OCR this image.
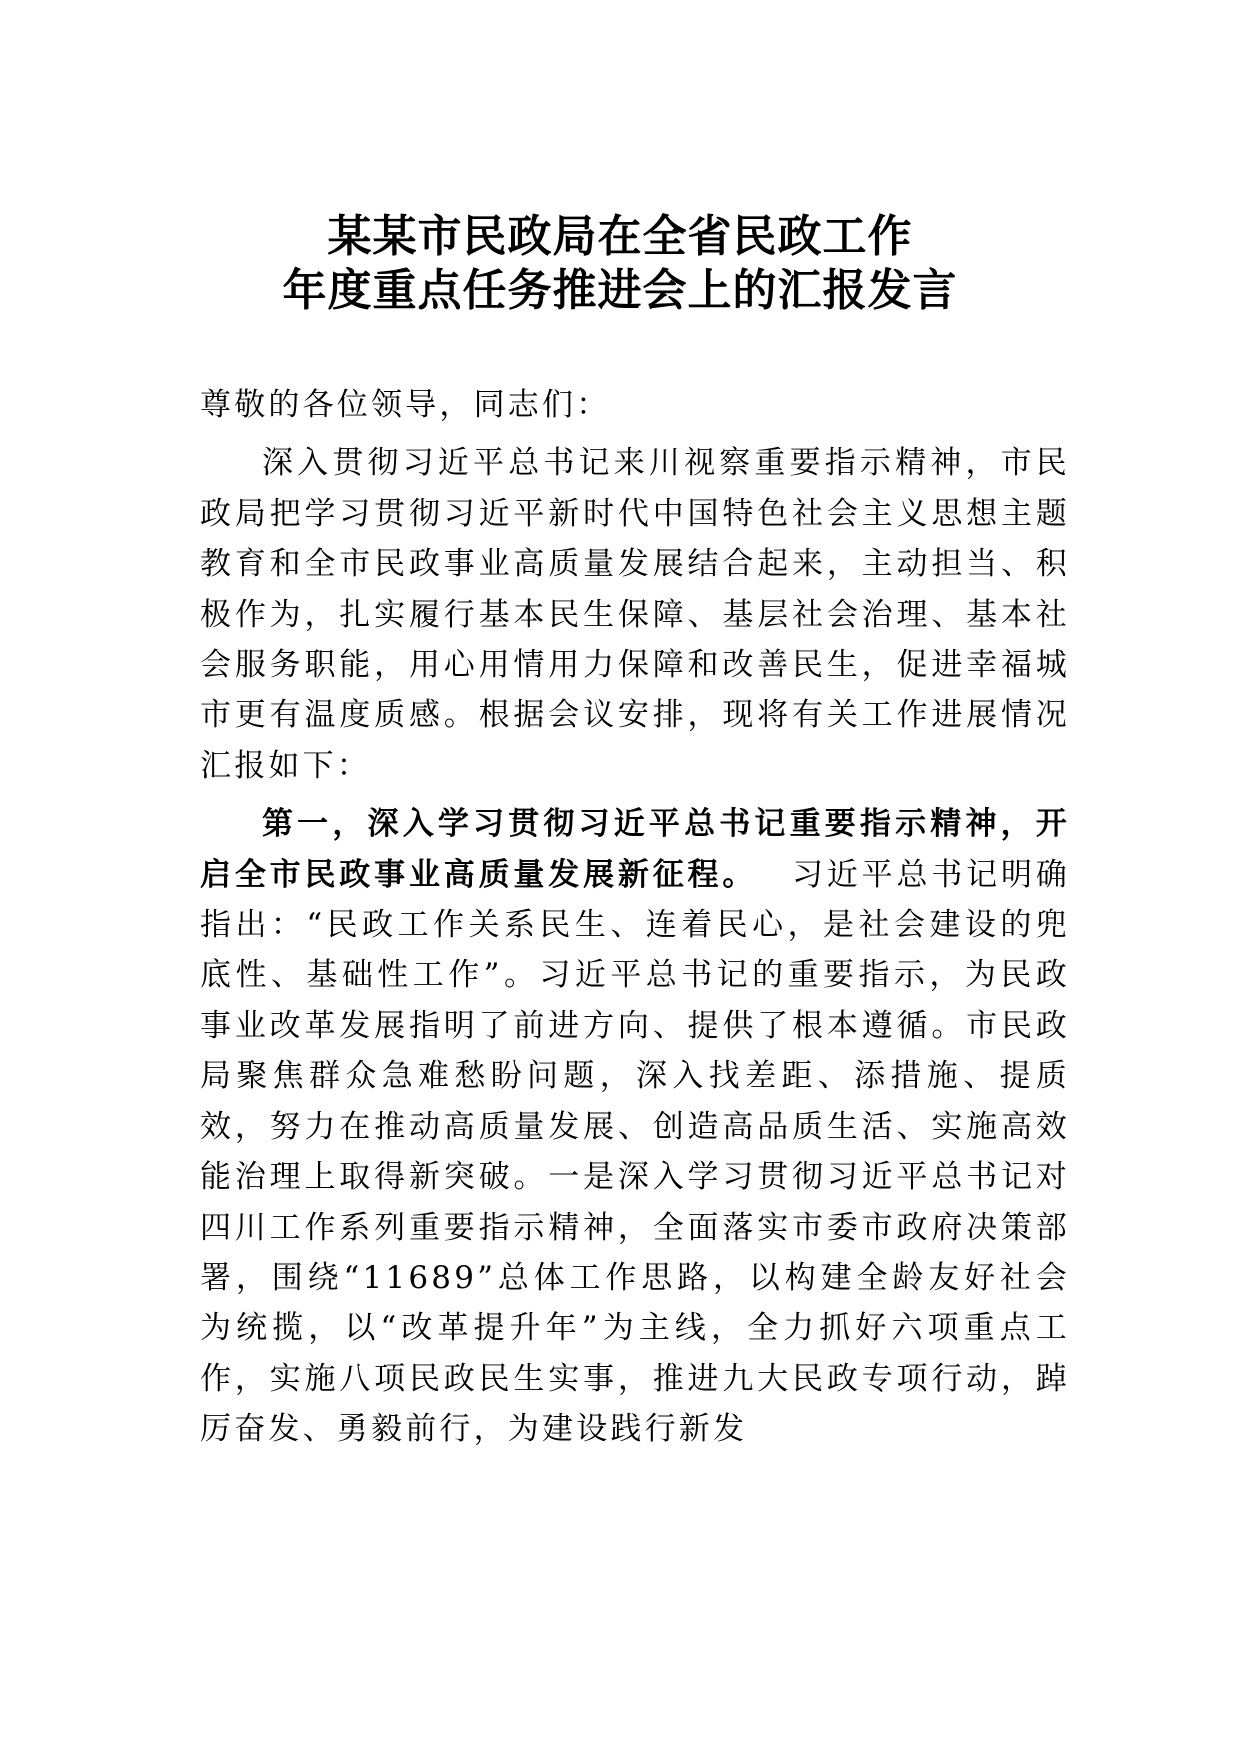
某某市民政局在全省民政工作
年度重点任务推进会上的汇报发言

尊敬的各位领导，同志们：

深入贯彻习近平总书记来川视察重要指示精神，市民政局把学习贯彻习近平新时代中国特色社会主义思想主题教育和全市民政事业高质量发展结合起来，主动担当、积极作为，扎实履行基本民生保障、基层社会治理、基本社会服务职能，用心用情用力保障和改善民生，促进幸福城市更有温度质感。根据会议安排，现将有关工作进展情况汇报如下：

第一，深入学习贯彻习近平总书记重要指示精神，开启全市民政事业高质量发展新征程。  习近平总书记明确指出：“民政工作关系民生、连着民心，是社会建设的兜底性、基础性工作”。习近平总书记的重要指示，为民政事业改革发展指明了前进方向、提供了根本遵循。市民政局聚焦群众急难愁盼问题，深入找差距、添措施、提质效，努力在推动高质量发展、创造高品质生活、实施高效能治理上取得新突破。一是深入学习贯彻习近平总书记对四川工作系列重要指示精神，全面落实市委市政府决策部署，围绕“11689”总体工作思路，以构建全龄友好社会为统揽，以“改革提升年”为主线，全力抓好六项重点工作，实施八项民政民生实事，推进九大民政专项行动，踔厉奋发、勇毅前行，为建设践行新发
